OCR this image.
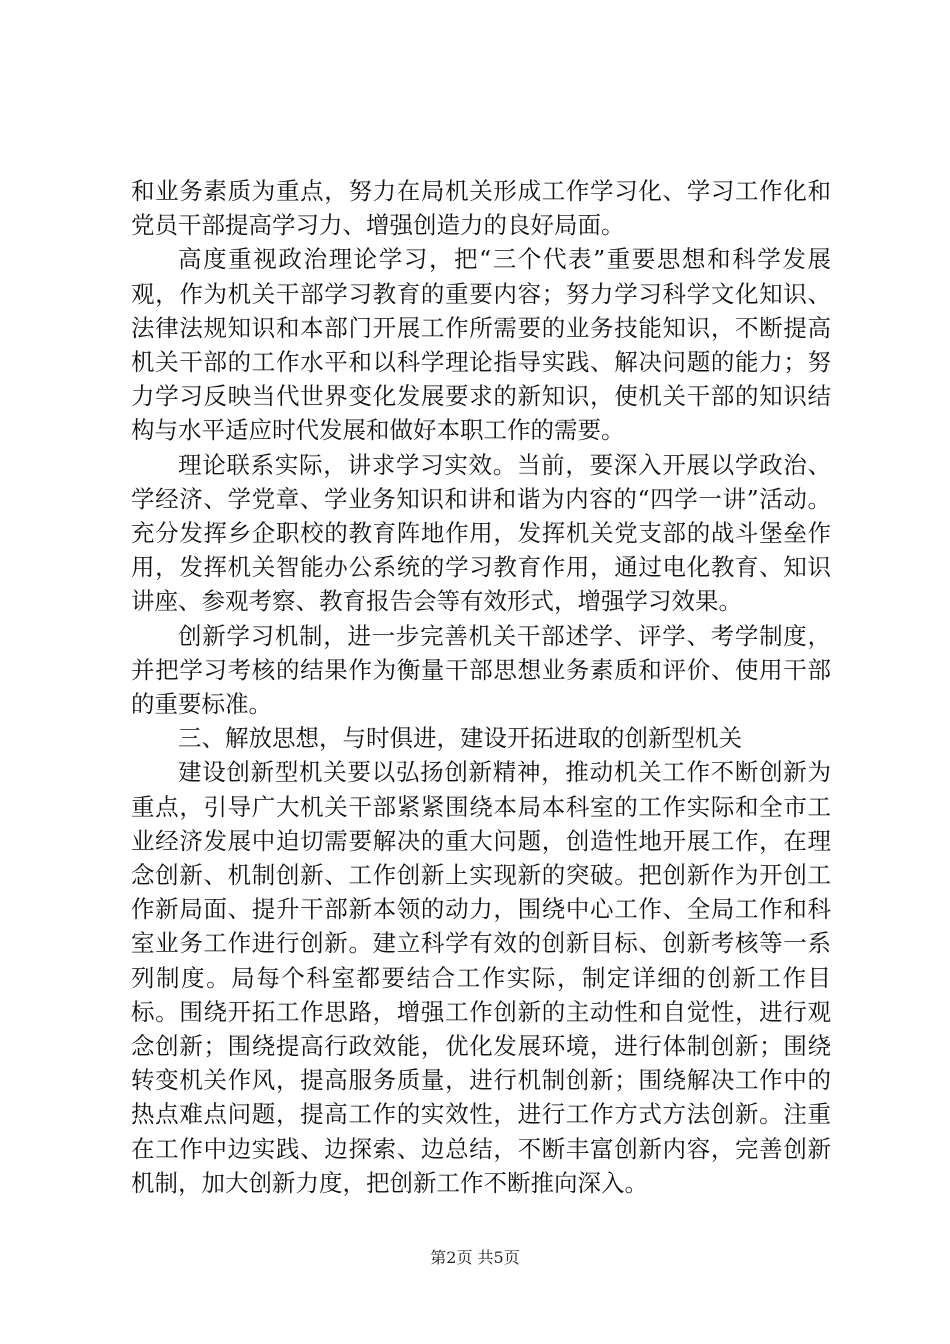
和业务素质为重点，努力在局机关形成工作学习化、学习工作化和党员干部提高学习力、增强创造力的良好局面。

高度重视政治理论学习，把“三个代表”重要思想和科学发展观，作为机关干部学习教育的重要内容；努力学习科学文化知识、法律法规知识和本部门开展工作所需要的业务技能知识，不断提高机关干部的工作水平和以科学理论指导实践、解决问题的能力；努力学习反映当代世界变化发展要求的新知识，使机关干部的知识结构与水平适应时代发展和做好本职工作的需要。

理论联系实际，讲求学习实效。当前，要深入开展以学政治、学经济、学党章、学业务知识和讲和谐为内容的“四学一讲”活动。充分发挥乡企职校的教育阵地作用，发挥机关党支部的战斗堡垒作用，发挥机关智能办公系统的学习教育作用，通过电化教育、知识讲座、参观考察、教育报告会等有效形式，增强学习效果。

创新学习机制，进一步完善机关干部述学、评学、考学制度，并把学习考核的结果作为衡量干部思想业务素质和评价、使用干部的重要标准。

三、解放思想，与时俱进，建设开拓进取的创新型机关

建设创新型机关要以弘扬创新精神，推动机关工作不断创新为重点，引导广大机关干部紧紧围绕本局本科室的工作实际和全市工业经济发展中迫切需要解决的重大问题，创造性地开展工作，在理念创新、机制创新、工作创新上实现新的突破。把创新作为开创工作新局面、提升干部新本领的动力，围绕中心工作、全局工作和科室业务工作进行创新。建立科学有效的创新目标、创新考核等一系列制度。局每个科室都要结合工作实际，制定详细的创新工作目标。围绕开拓工作思路，增强工作创新的主动性和自觉性，进行观念创新；围绕提高行政效能，优化发展环境，进行体制创新；围绕转变机关作风，提高服务质量，进行机制创新；围绕解决工作中的热点难点问题，提高工作的实效性，进行工作方式方法创新。注重在工作中边实践、边探索、边总结，不断丰富创新内容，完善创新机制，加大创新力度，把创新工作不断推向深入。

第2页 共5页
